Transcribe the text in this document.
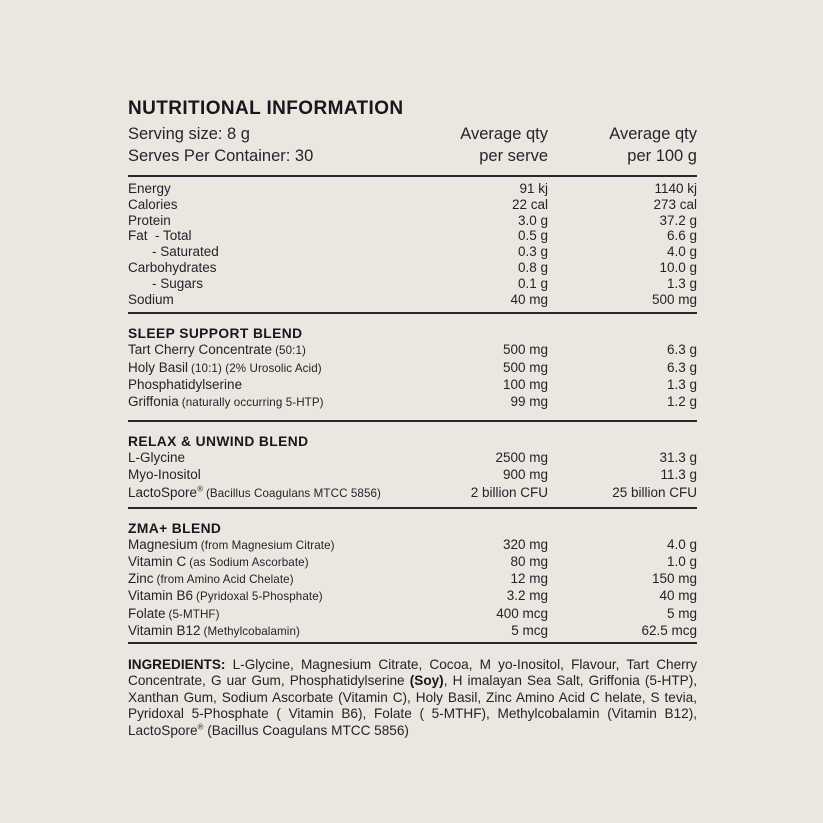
NUTRITIONAL INFORMATION
Serving size: 8 g
Serves Per Container: 30
Average qty
per serve
Average qty
per 100 g
Energy	91 kj	1140 kj
Calories	22 cal	273 cal
Protein	3.0 g	37.2 g
Fat  - Total	0.5 g	6.6 g
- Saturated	0.3 g	4.0 g
Carbohydrates	0.8 g	10.0 g
- Sugars	0.1 g	1.3 g
Sodium	40 mg	500 mg
SLEEP SUPPORT BLEND
Tart Cherry Concentrate (50:1)	500 mg	6.3 g
Holy Basil (10:1) (2% Urosolic Acid)	500 mg	6.3 g
Phosphatidylserine	100 mg	1.3 g
Griffonia (naturally occurring 5-HTP)	99 mg	1.2 g
RELAX & UNWIND BLEND
L-Glycine	2500 mg	31.3 g
Myo-Inositol	900 mg	11.3 g
LactoSpore® (Bacillus Coagulans MTCC 5856)	2 billion CFU	25 billion CFU
ZMA+ BLEND
Magnesium (from Magnesium Citrate)	320 mg	4.0 g
Vitamin C (as Sodium Ascorbate)	80 mg	1.0 g
Zinc (from Amino Acid Chelate)	12 mg	150 mg
Vitamin B6 (Pyridoxal 5-Phosphate)	3.2 mg	40 mg
Folate (5-MTHF)	400 mcg	5 mg
Vitamin B12 (Methylcobalamin)	5 mcg	62.5 mcg

INGREDIENTS: L-Glycine, Magnesium Citrate, Cocoa, M yo-Inositol, Flavour, Tart Cherry Concentrate, G uar Gum, Phosphatidylserine (Soy), H imalayan Sea Salt, Griffonia (5-HTP), Xanthan Gum, Sodium Ascorbate (Vitamin C), Holy Basil, Zinc Amino Acid C helate, S tevia, Pyridoxal 5-Phosphate ( Vitamin B6), Folate ( 5-MTHF), Methylcobalamin (Vitamin B12), LactoSpore® (Bacillus Coagulans MTCC 5856)
